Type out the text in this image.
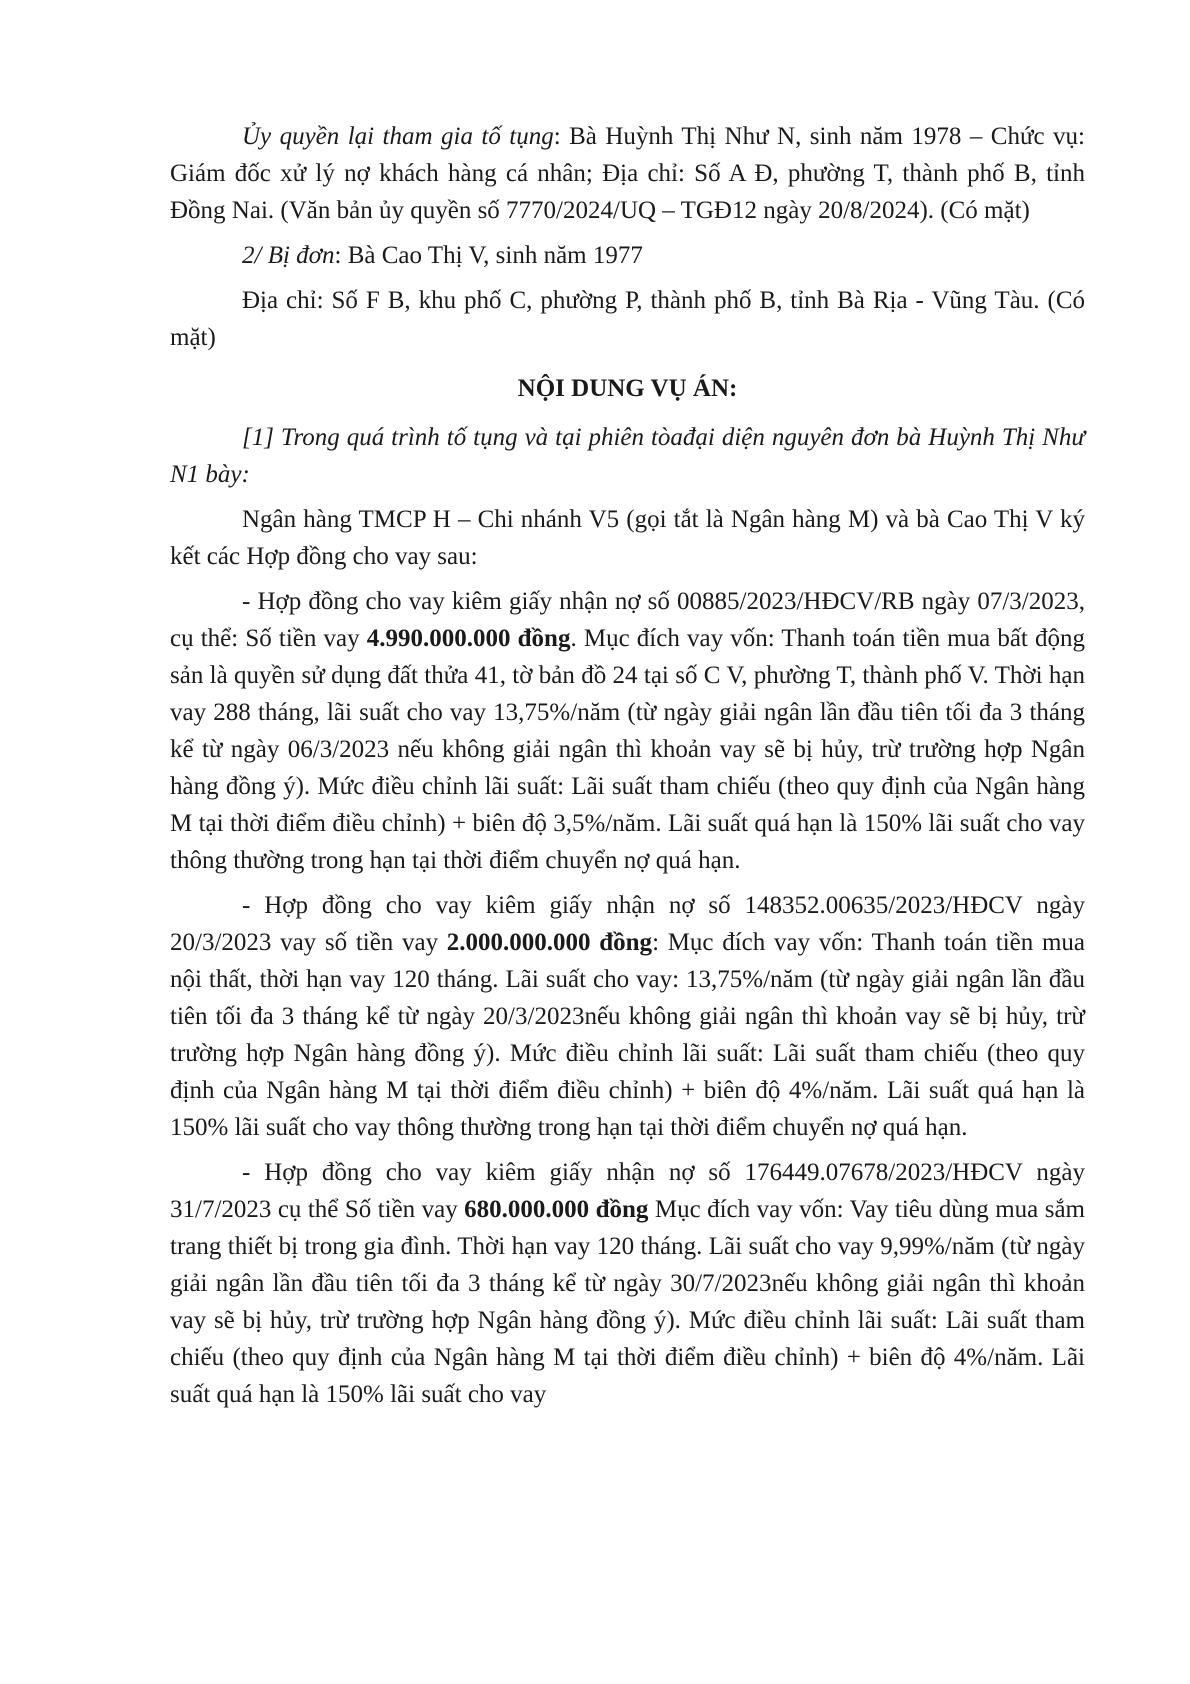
Ủy quyền lại tham gia tố tụng: Bà Huỳnh Thị Như N, sinh năm 1978 – Chức vụ: Giám đốc xử lý nợ khách hàng cá nhân; Địa chỉ: Số A Đ, phường T, thành phố B, tỉnh Đồng Nai. (Văn bản ủy quyền số 7770/2024/UQ – TGĐ12 ngày 20/8/2024). (Có mặt)

2/ Bị đơn: Bà Cao Thị V, sinh năm 1977

Địa chỉ: Số F B, khu phố C, phường P, thành phố B, tỉnh Bà Rịa - Vũng Tàu. (Có mặt)

NỘI DUNG VỤ ÁN:

[1] Trong quá trình tố tụng và tại phiên tòađại diện nguyên đơn bà Huỳnh Thị Như N1 bày:

Ngân hàng TMCP H – Chi nhánh V5 (gọi tắt là Ngân hàng M) và bà Cao Thị V ký kết các Hợp đồng cho vay sau:

- Hợp đồng cho vay kiêm giấy nhận nợ số 00885/2023/HĐCV/RB ngày 07/3/2023, cụ thể: Số tiền vay 4.990.000.000 đồng. Mục đích vay vốn: Thanh toán tiền mua bất động sản là quyền sử dụng đất thửa 41, tờ bản đồ 24 tại số C V, phường T, thành phố V. Thời hạn vay 288 tháng, lãi suất cho vay 13,75%/năm (từ ngày giải ngân lần đầu tiên tối đa 3 tháng kể từ ngày 06/3/2023 nếu không giải ngân thì khoản vay sẽ bị hủy, trừ trường hợp Ngân hàng đồng ý). Mức điều chỉnh lãi suất: Lãi suất tham chiếu (theo quy định của Ngân hàng M tại thời điểm điều chỉnh) + biên độ 3,5%/năm. Lãi suất quá hạn là 150% lãi suất cho vay thông thường trong hạn tại thời điểm chuyển nợ quá hạn.

- Hợp đồng cho vay kiêm giấy nhận nợ số 148352.00635/2023/HĐCV ngày 20/3/2023 vay số tiền vay 2.000.000.000 đồng: Mục đích vay vốn: Thanh toán tiền mua nội thất, thời hạn vay 120 tháng. Lãi suất cho vay: 13,75%/năm (từ ngày giải ngân lần đầu tiên tối đa 3 tháng kể từ ngày 20/3/2023nếu không giải ngân thì khoản vay sẽ bị hủy, trừ trường hợp Ngân hàng đồng ý). Mức điều chỉnh lãi suất: Lãi suất tham chiếu (theo quy định của Ngân hàng M tại thời điểm điều chỉnh) + biên độ 4%/năm. Lãi suất quá hạn là 150% lãi suất cho vay thông thường trong hạn tại thời điểm chuyển nợ quá hạn.

- Hợp đồng cho vay kiêm giấy nhận nợ số 176449.07678/2023/HĐCV ngày 31/7/2023 cụ thể Số tiền vay 680.000.000 đồng Mục đích vay vốn: Vay tiêu dùng mua sắm trang thiết bị trong gia đình. Thời hạn vay 120 tháng. Lãi suất cho vay 9,99%/năm (từ ngày giải ngân lần đầu tiên tối đa 3 tháng kể từ ngày 30/7/2023nếu không giải ngân thì khoản vay sẽ bị hủy, trừ trường hợp Ngân hàng đồng ý). Mức điều chỉnh lãi suất: Lãi suất tham chiếu (theo quy định của Ngân hàng M tại thời điểm điều chỉnh) + biên độ 4%/năm. Lãi suất quá hạn là 150% lãi suất cho vay
